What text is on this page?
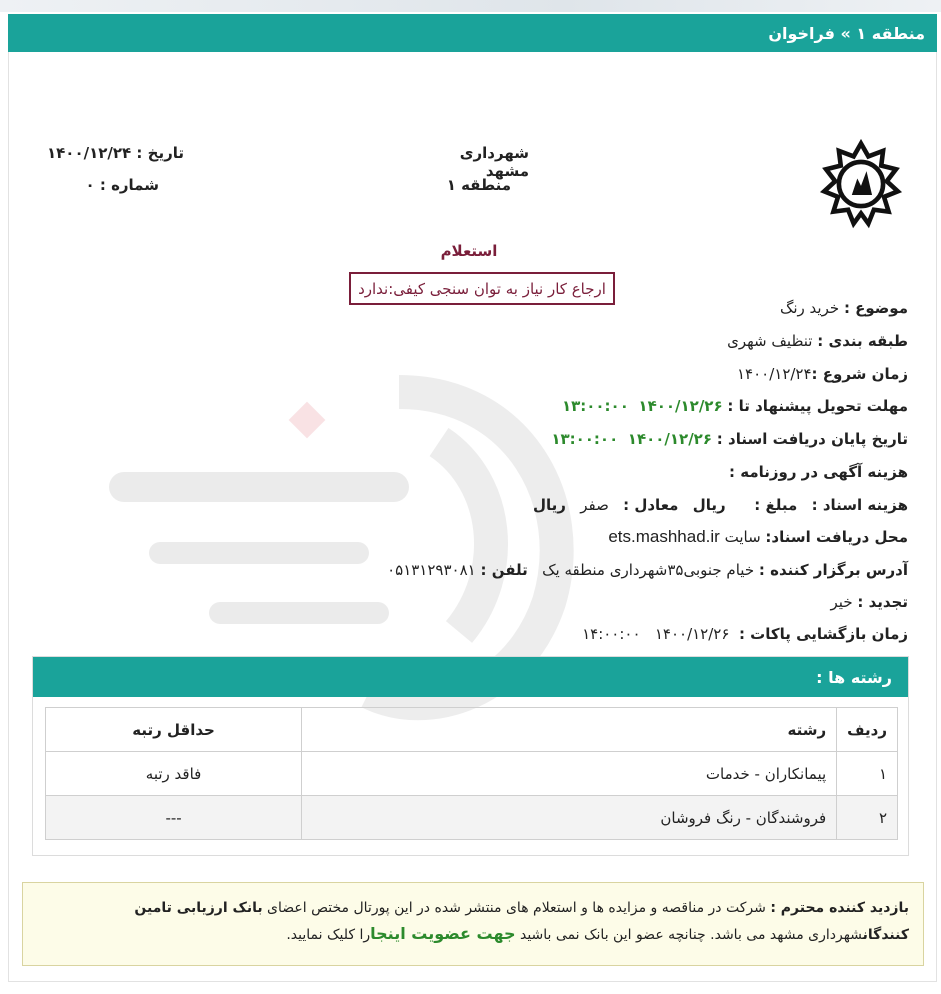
منطقه ۱ » فراخوان
شهرداری مشهد
منطقه ۱
تاریخ : ۱۴۰۰/۱۲/۲۴
شماره : ۰
استعلام
ارجاع کار نیاز به توان سنجی کیفی:ندارد
موضوع : خرید رنگ
طبقه بندی : تنظیف شهری
زمان شروع :۱۴۰۰/۱۲/۲۴
مهلت تحویل پیشنهاد تا : ۱۴۰۰/۱۲/۲۶  ۱۳:۰۰:۰۰
تاریخ پایان دریافت اسناد : ۱۴۰۰/۱۲/۲۶  ۱۳:۰۰:۰۰
هزینه آگهی در روزنامه :
هزینه اسناد :   مبلغ :      ریال   معادل :   صفر   ریال
محل دریافت اسناد: سایت ets.mashhad.ir
آدرس برگزار کننده : خیام جنوبی۳۵شهرداری منطقه یک   تلفن : ۰۵۱۳۱۲۹۳۰۸۱
تجدید : خیر
زمان بازگشایی پاکات :  ۱۴۰۰/۱۲/۲۶   ۱۴:۰۰:۰۰
رشته ها :
ردیف	رشته	حداقل رتبه
۱	پیمانکاران - خدمات	فاقد رتبه
۲	فروشندگان - رنگ فروشان	---
بازدید کننده محترم : شرکت در مناقصه و مزایده ها و استعلام های منتشر شده در این پورتال مختص اعضای بانک ارزیابی تامین کنندگانشهرداری مشهد می باشد. چنانچه عضو این بانک نمی باشید جهت عضویت اینجارا کلیک نمایید.
